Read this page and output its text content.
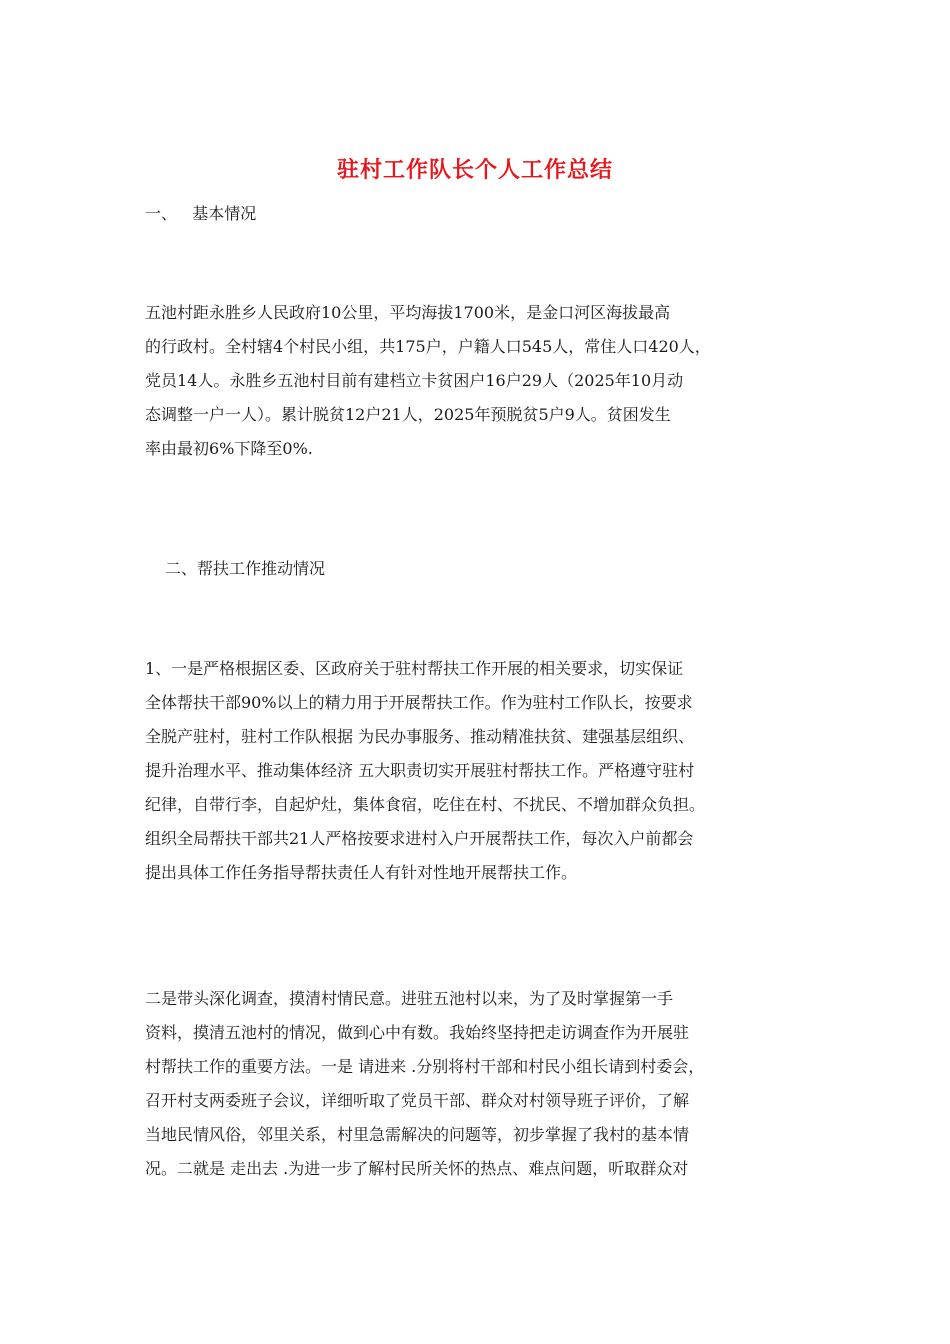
驻村工作队长个人工作总结

一、   基本情况

五池村距永胜乡人民政府10公里，平均海拔1700米，是金口河区海拔最高
的行政村。全村辖4个村民小组，共175户，户籍人口545人，常住人口420人，
党员14人。永胜乡五池村目前有建档立卡贫困户16户29人（2025年10月动
态调整一户一人）。累计脱贫12户21人，2025年预脱贫5户9人。贫困发生
率由最初6%下降至0%.

二、帮扶工作推动情况

1、一是严格根据区委、区政府关于驻村帮扶工作开展的相关要求，切实保证
全体帮扶干部90%以上的精力用于开展帮扶工作。作为驻村工作队长，按要求
全脱产驻村，驻村工作队根据 为民办事服务、推动精准扶贫、建强基层组织、
提升治理水平、推动集体经济 五大职责切实开展驻村帮扶工作。严格遵守驻村
纪律，自带行李，自起炉灶，集体食宿，吃住在村、不扰民、不增加群众负担。
组织全局帮扶干部共21人严格按要求进村入户开展帮扶工作，每次入户前都会
提出具体工作任务指导帮扶责任人有针对性地开展帮扶工作。

二是带头深化调查，摸清村情民意。进驻五池村以来，为了及时掌握第一手
资料，摸清五池村的情况，做到心中有数。我始终坚持把走访调查作为开展驻
村帮扶工作的重要方法。一是 请进来 .分别将村干部和村民小组长请到村委会，
召开村支两委班子会议，详细听取了党员干部、群众对村领导班子评价，了解
当地民情风俗，邻里关系，村里急需解决的问题等，初步掌握了我村的基本情
况。二就是 走出去 .为进一步了解村民所关怀的热点、难点问题，听取群众对
